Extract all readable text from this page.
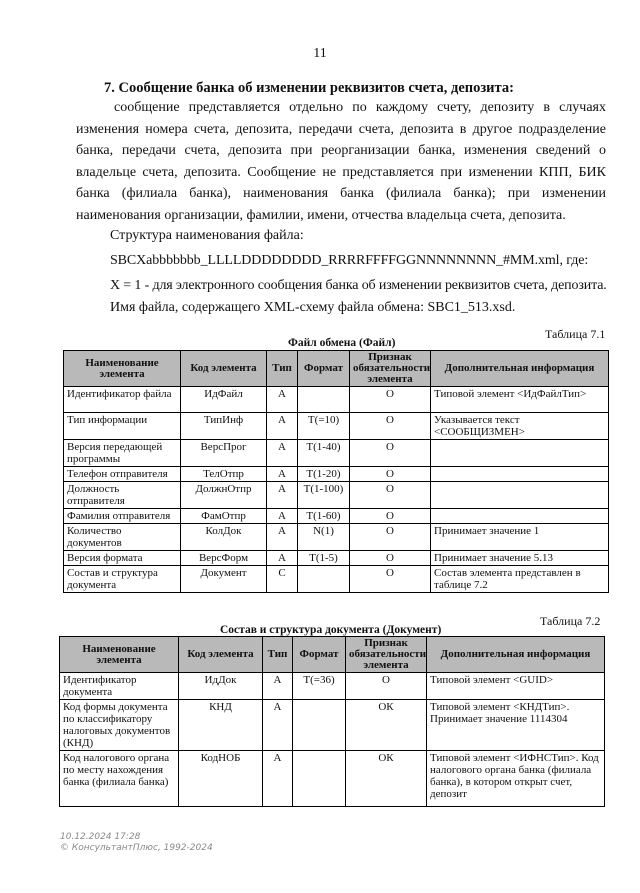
11
7. Сообщение банка об изменении реквизитов счета, депозита:
сообщение представляется отдельно по каждому счету, депозиту в случаях изменения номера счета, депозита, передачи счета, депозита в другое подразделение банка, передачи счета, депозита при реорганизации банка, изменения сведений о владельце счета, депозита. Сообщение не представляется при изменении КПП, БИК банка (филиала банка), наименования банка (филиала банка); при изменении наименования организации, фамилии, имени, отчества владельца счета, депозита.
Структура наименования файла:
SBCXabbbbbbb_LLLLDDDDDDDD_RRRRFFFFGGNNNNNNNN_#MM.xml, где:
X = 1 - для электронного сообщения банка об изменении реквизитов счета, депозита.
Имя файла, содержащего XML-схему файла обмена: SBC1_513.xsd.
Таблица 7.1
Файл обмена (Файл)
Наименование элемента	Код элемента	Тип	Формат	Признак обязательности элемента	Дополнительная информация
Идентификатор файла	ИдФайл	A		О	Типовой элемент <ИдФайлТип>
Тип информации	ТипИнф	A	T(=10)	О	Указывается текст <СООБЩИЗМЕН>
Версия передающей программы	ВерсПрог	A	T(1-40)	О	
Телефон отправителя	ТелОтпр	A	T(1-20)	О	
Должность отправителя	ДолжнОтпр	A	T(1-100)	О	
Фамилия отправителя	ФамОтпр	A	T(1-60)	О	
Количество документов	КолДок	A	N(1)	О	Принимает значение 1
Версия формата	ВерсФорм	A	T(1-5)	О	Принимает значение 5.13
Состав и структура документа	Документ	С		О	Состав элемента представлен в таблице 7.2
Таблица 7.2
Состав и структура документа (Документ)
Наименование элемента	Код элемента	Тип	Формат	Признак обязательности элемента	Дополнительная информация
Идентификатор документа	ИдДок	A	T(=36)	О	Типовой элемент <GUID>
Код формы документа по классификатору налоговых документов (КНД)	КНД	A		ОК	Типовой элемент <КНДТип>. Принимает значение 1114304
Код налогового органа по месту нахождения банка (филиала банка)	КодНОБ	A		ОК	Типовой элемент <ИФНСТип>. Код налогового органа банка (филиала банка), в котором открыт счет, депозит
10.12.2024 17:28
© КонсультантПлюс, 1992-2024
